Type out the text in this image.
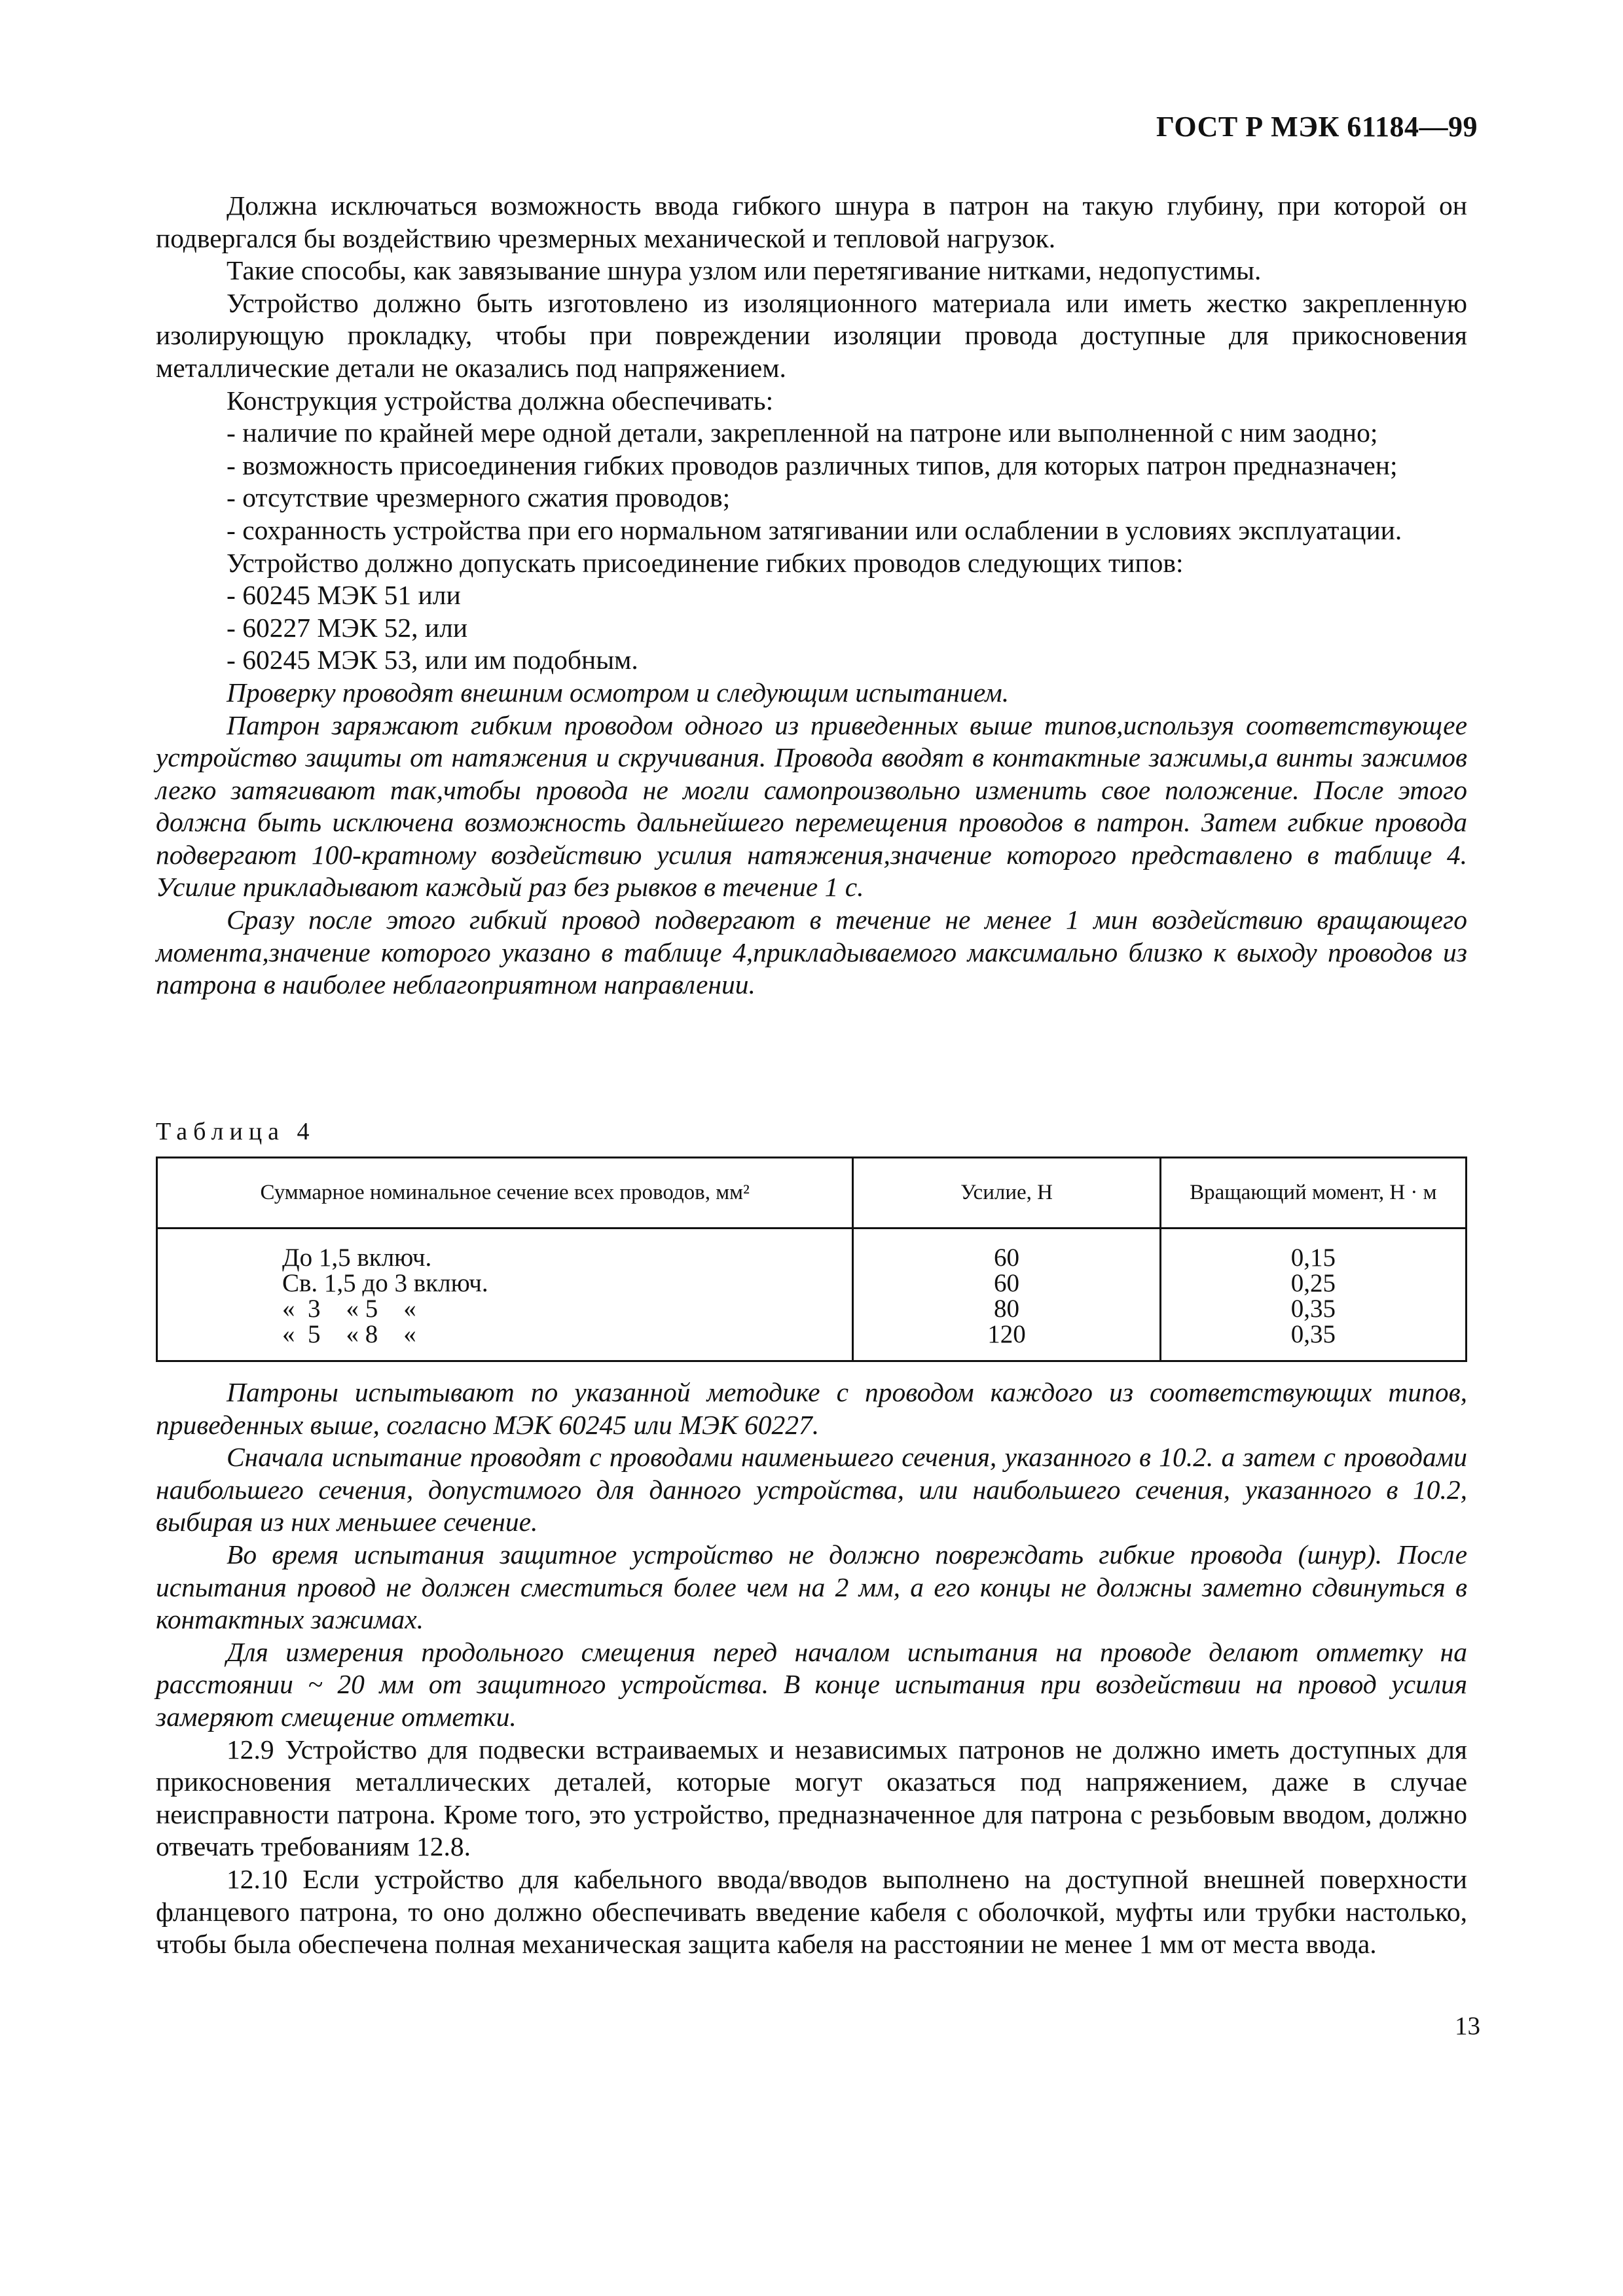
ГОСТ Р МЭК 61184—99

Должна исключаться возможность ввода гибкого шнура в патрон на такую глубину, при которой он подвергался бы воздействию чрезмерных механической и тепловой нагрузок.

Такие способы, как завязывание шнура узлом или перетягивание нитками, недопустимы.

Устройство должно быть изготовлено из изоляционного материала или иметь жестко закрепленную изолирующую прокладку, чтобы при повреждении изоляции провода доступные для прикосновения металлические детали не оказались под напряжением.

Конструкция устройства должна обеспечивать:

- наличие по крайней мере одной детали, закрепленной на патроне или выполненной с ним заодно;

- возможность присоединения гибких проводов различных типов, для которых патрон предназначен;

- отсутствие чрезмерного сжатия проводов;

- сохранность устройства при его нормальном затягивании или ослаблении в условиях эксплуатации.

Устройство должно допускать присоединение гибких проводов следующих типов:

- 60245 МЭК 51 или

- 60227 МЭК 52, или

- 60245 МЭК 53, или им подобным.

Проверку проводят внешним осмотром и следующим испытанием.

Патрон заряжают гибким проводом одного из приведенных выше типов,используя соответствующее устройство защиты от натяжения и скручивания. Провода вводят в контактные зажимы,а винты зажимов легко затягивают так,чтобы провода не могли самопроизвольно изменить свое положение. После этого должна быть исключена возможность дальнейшего перемещения проводов в патрон. Затем гибкие провода подвергают 100-кратному воздействию усилия натяжения,значение которого представлено в таблице 4. Усилие прикладывают каждый раз без рывков в течение 1 с.

Сразу после этого гибкий провод подвергают в течение не менее 1 мин воздействию вращающего момента,значение которого указано в таблице 4,прикладываемого максимально близко к выходу проводов из патрона в наиболее неблагоприятном направлении.

Таблица 4
Суммарное номинальное сечение всех проводов, мм²	Усилие, Н	Вращающий момент, Н · м
До 1,5 включ.	60	0,15
Св. 1,5 до 3 включ.	60	0,25
«  3    « 5    «	80	0,35
«  5    « 8    «	120	0,35

Патроны испытывают по указанной методике с проводом каждого из соответствующих типов, приведенных выше, согласно МЭК 60245 или МЭК 60227.

Сначала испытание проводят с проводами наименьшего сечения, указанного в 10.2. а затем с проводами наибольшего сечения, допустимого для данного устройства, или наибольшего сечения, указанного в 10.2, выбирая из них меньшее сечение.

Во время испытания защитное устройство не должно повреждать гибкие провода (шнур). После испытания провод не должен сместиться более чем на 2 мм, а его концы не должны заметно сдвинуться в контактных зажимах.

Для измерения продольного смещения перед началом испытания на проводе делают отметку на расстоянии ~ 20 мм от защитного устройства. В конце испытания при воздействии на провод усилия замеряют смещение отметки.

12.9 Устройство для подвески встраиваемых и независимых патронов не должно иметь доступных для прикосновения металлических деталей, которые могут оказаться под напряжением, даже в случае неисправности патрона. Кроме того, это устройство, предназначенное для патрона с резьбовым вводом, должно отвечать требованиям 12.8.

12.10 Если устройство для кабельного ввода/вводов выполнено на доступной внешней поверхности фланцевого патрона, то оно должно обеспечивать введение кабеля с оболочкой, муфты или трубки настолько, чтобы была обеспечена полная механическая защита кабеля на расстоянии не менее 1 мм от места ввода.

13
